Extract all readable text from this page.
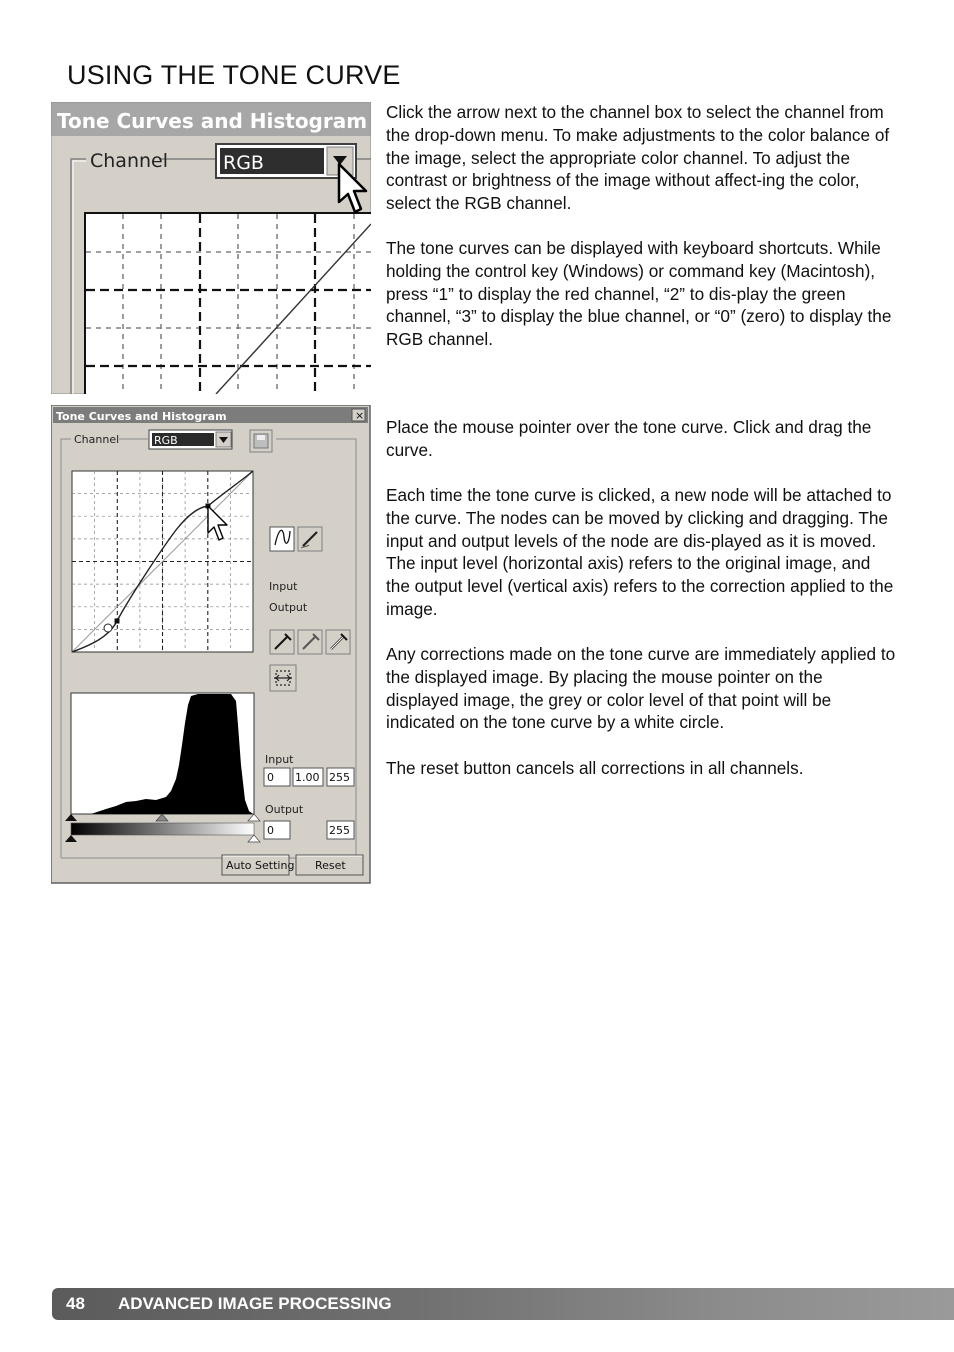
USING THE TONE CURVE

Click the arrow next to the channel box to select the channel from the drop-down menu. To make adjustments to the color balance of the image, select the appropriate color channel. To adjust the contrast or brightness of the image without affect-ing the color, select the RGB channel.

The tone curves can be displayed with keyboard shortcuts. While holding the control key (Windows) or command key (Macintosh), press “1” to display the red channel, “2” to dis-play the green channel, “3” to display the blue channel, or “0” (zero) to display the RGB channel.

Place the mouse pointer over the tone curve. Click and drag the curve.

Each time the tone curve is clicked, a new node will be attached to the curve. The nodes can be moved by clicking and dragging. The input and output levels of the node are dis-played as it is moved. The input level (horizontal axis) refers to the original image, and the output level (vertical axis) refers to the correction applied to the image.

Any corrections made on the tone curve are immediately applied to the displayed image. By placing the mouse pointer on the displayed image, the grey or color level of that point will be indicated on the tone curve by a white circle.

The reset button cancels all corrections in all channels.

Tone Curves and Histogram
Channel	RGB
Tone Curves and Histogram	×
Channel	RGB
Input
Output
Input
0 1.00 255
Output
0	255
Auto Setting Reset
48 ADVANCED IMAGE PROCESSING
